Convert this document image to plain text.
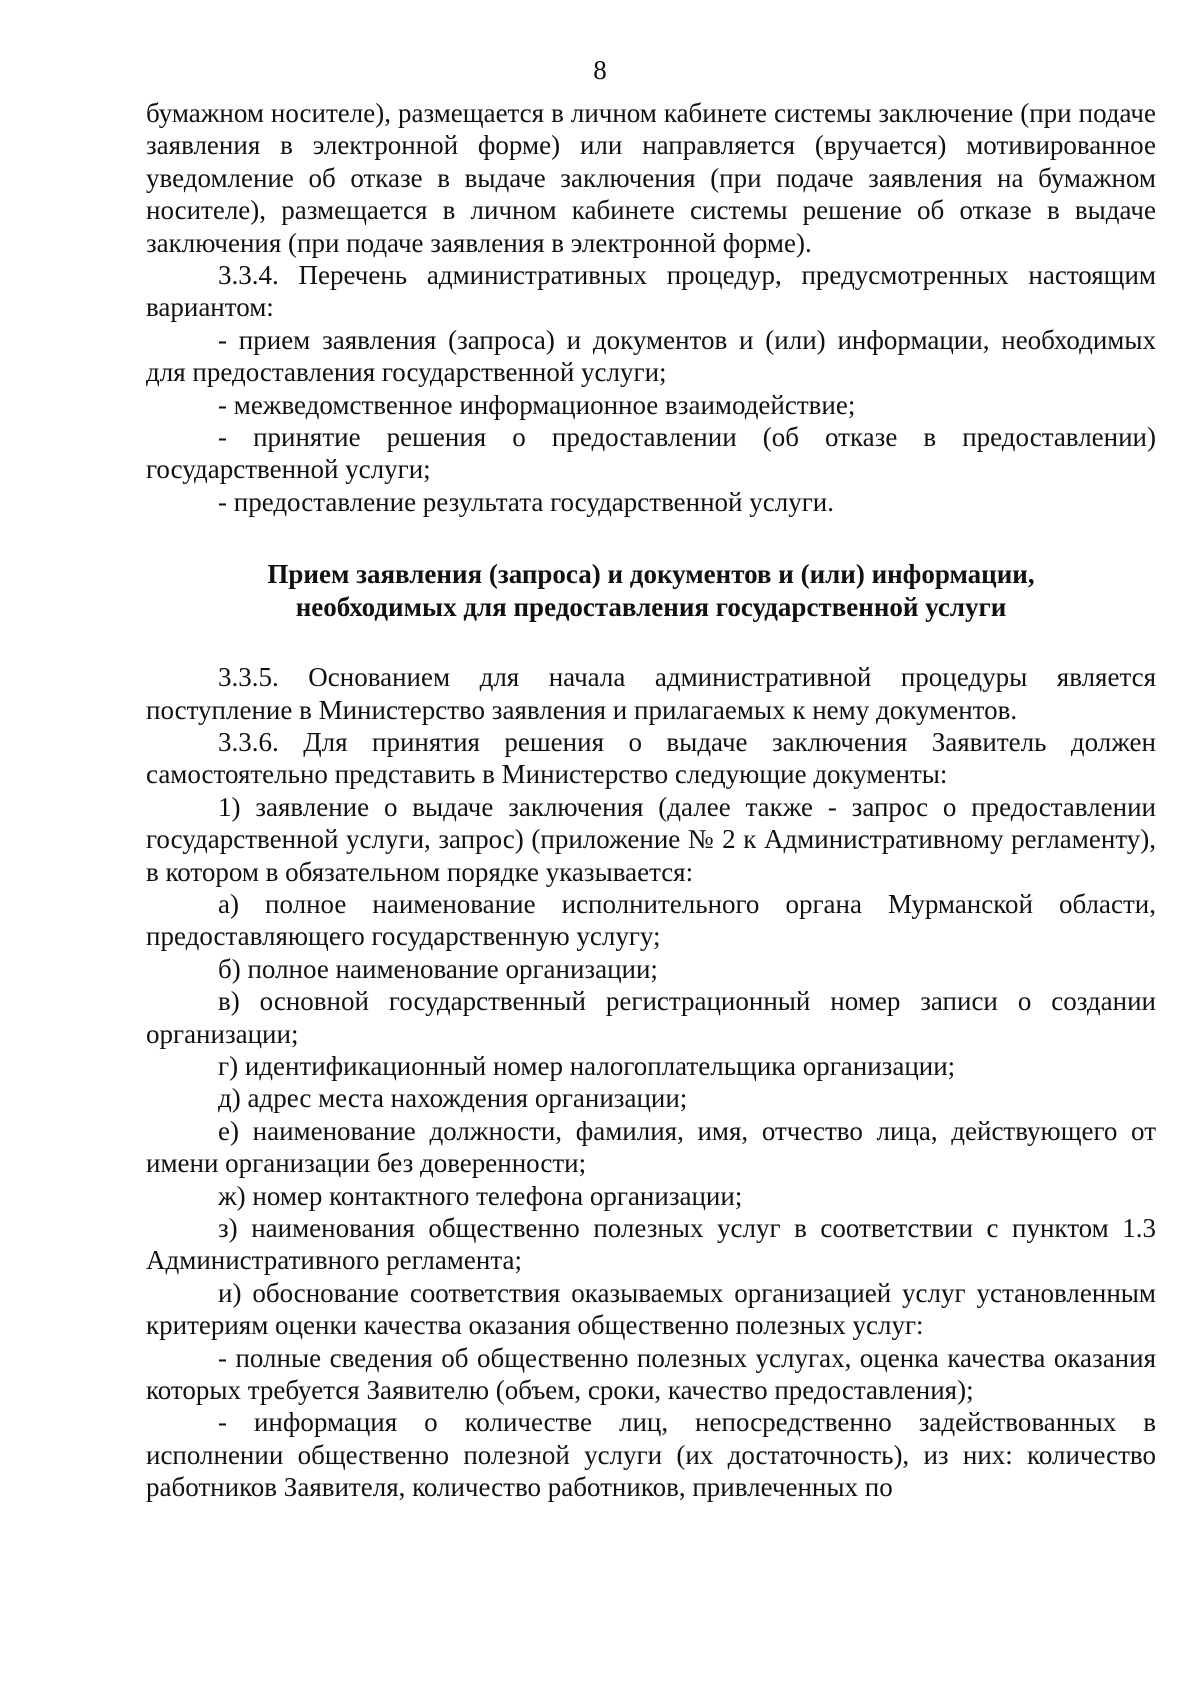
8

бумажном носителе), размещается в личном кабинете системы заключение (при подаче заявления в электронной форме) или направляется (вручается) мотивированное уведомление об отказе в выдаче заключения (при подаче заявления на бумажном носителе), размещается в личном кабинете системы решение об отказе в выдаче заключения (при подаче заявления в электронной форме).

3.3.4. Перечень административных процедур, предусмотренных настоящим вариантом:

- прием заявления (запроса) и документов и (или) информации, необходимых для предоставления государственной услуги;

- межведомственное информационное взаимодействие;

- принятие решения о предоставлении (об отказе в предоставлении) государственной услуги;

- предоставление результата государственной услуги.

Прием заявления (запроса) и документов и (или) информации,
необходимых для предоставления государственной услуги

3.3.5. Основанием для начала административной процедуры является поступление в Министерство заявления и прилагаемых к нему документов.

3.3.6. Для принятия решения о выдаче заключения Заявитель должен самостоятельно представить в Министерство следующие документы:

1) заявление о выдаче заключения (далее также - запрос о предоставлении государственной услуги, запрос) (приложение № 2 к Административному регламенту), в котором в обязательном порядке указывается:

а) полное наименование исполнительного органа Мурманской области, предоставляющего государственную услугу;

б) полное наименование организации;

в) основной государственный регистрационный номер записи о создании организации;

г) идентификационный номер налогоплательщика организации;

д) адрес места нахождения организации;

е) наименование должности, фамилия, имя, отчество лица, действующего от имени организации без доверенности;

ж) номер контактного телефона организации;

з) наименования общественно полезных услуг в соответствии с пунктом 1.3 Административного регламента;

и) обоснование соответствия оказываемых организацией услуг установленным критериям оценки качества оказания общественно полезных услуг:

- полные сведения об общественно полезных услугах, оценка качества оказания которых требуется Заявителю (объем, сроки, качество предоставления);

- информация о количестве лиц, непосредственно задействованных в исполнении общественно полезной услуги (их достаточность), из них: количество работников Заявителя, количество работников, привлеченных по
